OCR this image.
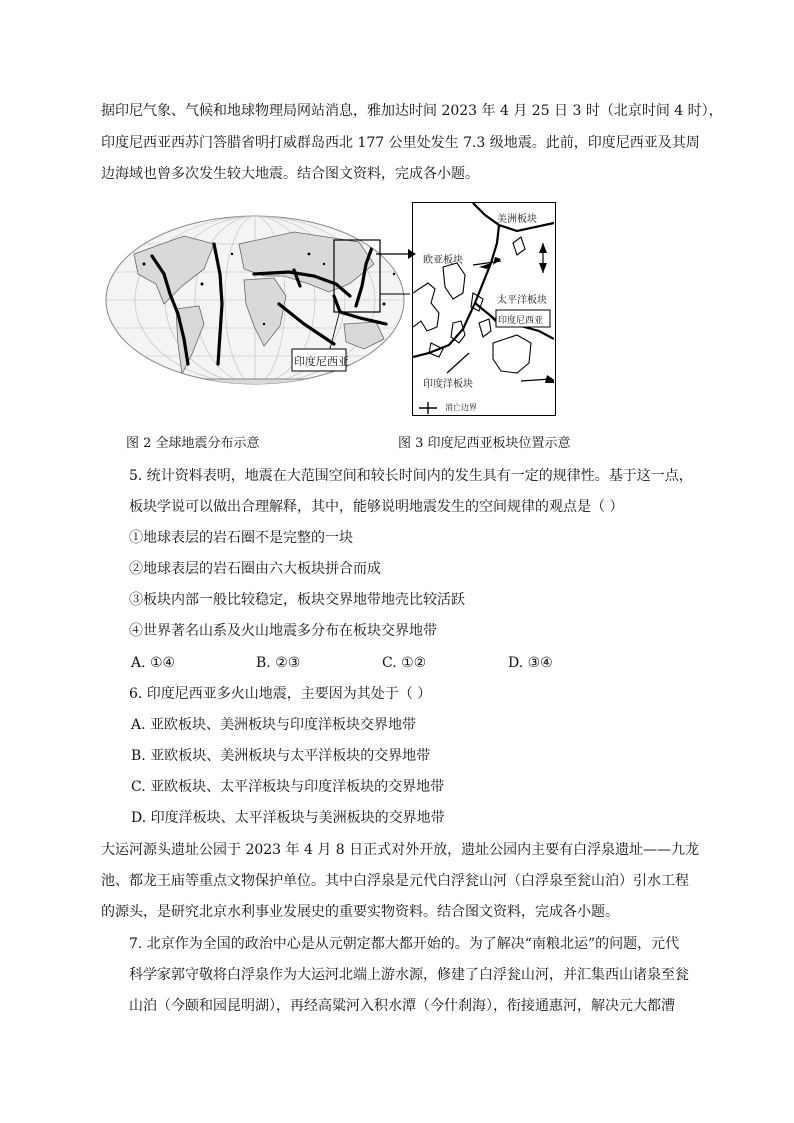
据印尼气象、气候和地球物理局网站消息，雅加达时间 2023 年 4 月 25 日 3 时（北京时间 4 时），
印度尼西亚西苏门答腊省明打威群岛西北 177 公里处发生 7.3 级地震。此前，印度尼西亚及其周
边海域也曾多次发生较大地震。结合图文资料，完成各小题。
印度尼西亚
美洲板块
欧亚板块
太平洋板块
印度尼西亚
印度洋板块
消亡边界
图 2 全球地震分布示意	图 3 印度尼西亚板块位置示意
5. 统计资料表明，地震在大范围空间和较长时间内的发生具有一定的规律性。基于这一点，
板块学说可以做出合理解释，其中，能够说明地震发生的空间规律的观点是（ ）
①地球表层的岩石圈不是完整的一块
②地球表层的岩石圈由六大板块拼合而成
③板块内部一般比较稳定，板块交界地带地壳比较活跃
④世界著名山系及火山地震多分布在板块交界地带
A. ①④	B. ②③	C. ①②	D. ③④
6. 印度尼西亚多火山地震，主要因为其处于（ ）
A. 亚欧板块、美洲板块与印度洋板块交界地带
B. 亚欧板块、美洲板块与太平洋板块的交界地带
C. 亚欧板块、太平洋板块与印度洋板块的交界地带
D. 印度洋板块、太平洋板块与美洲板块的交界地带
大运河源头遗址公园于 2023 年 4 月 8 日正式对外开放，遗址公园内主要有白浮泉遗址——九龙
池、都龙王庙等重点文物保护单位。其中白浮泉是元代白浮瓮山河（白浮泉至瓮山泊）引水工程
的源头，是研究北京水利事业发展史的重要实物资料。结合图文资料，完成各小题。
7. 北京作为全国的政治中心是从元朝定都大都开始的。为了解决“南粮北运”的问题，元代
科学家郭守敬将白浮泉作为大运河北端上游水源，修建了白浮瓮山河，并汇集西山诸泉至瓮
山泊（今颐和园昆明湖），再经高粱河入积水潭（今什刹海），衔接通惠河，解决元大都漕
